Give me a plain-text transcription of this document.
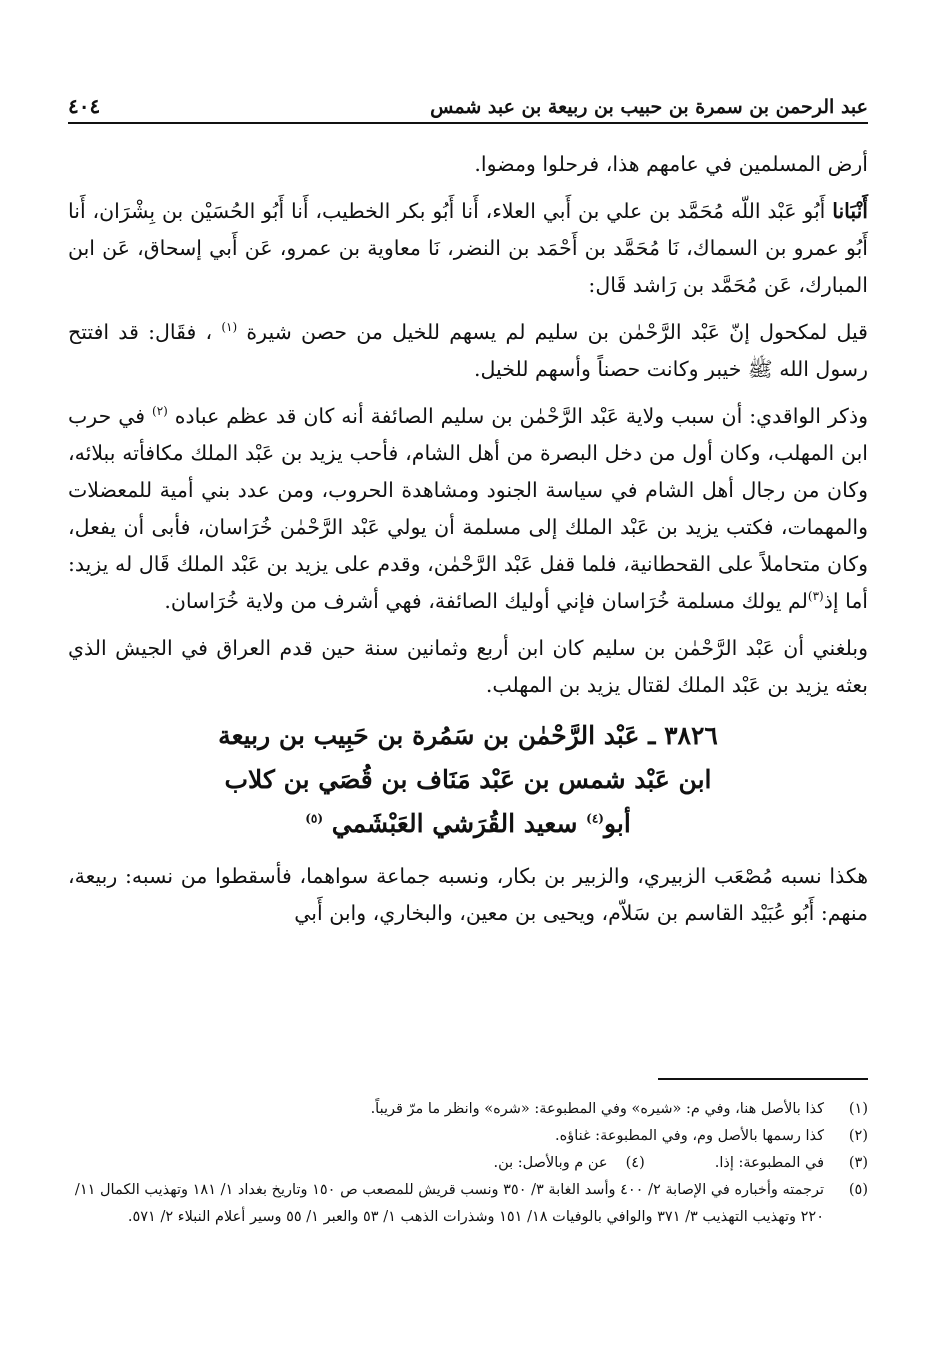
عبد الرحمن بن سمرة بن حبيب بن ربيعة بن عبد شمس
٤٠٤

أرض المسلمين في عامهم هذا، فرحلوا ومضوا.

أَنْبَانا أَبُو عَبْد اللّه مُحَمَّد بن علي بن أَبي العلاء، أَنا أَبُو بكر الخطيب، أَنا أَبُو الحُسَيْن بن بِشْرَان، أَنا أَبُو عمرو بن السماك، نَا مُحَمَّد بن أَحْمَد بن النضر، نَا معاوية بن عمرو، عَن أَبي إسحاق، عَن ابن المبارك، عَن مُحَمَّد بن رَاشد قَال:

قيل لمكحول إنّ عَبْد الرَّحْمٰن بن سليم لم يسهم للخيل من حصن شيرة $^{(١)}$ ، فقَال: قد افتتح رسول الله ﷺ خيبر وكانت حصناً وأسهم للخيل.

وذكر الواقدي: أن سبب ولاية عَبْد الرَّحْمٰن بن سليم الصائفة أنه كان قد عظم عباده $^{(٢)}$ في حرب ابن المهلب، وكان أول من دخل البصرة من أهل الشام، فأحب يزيد بن عَبْد الملك مكافأته ببلائه، وكان من رجال أهل الشام في سياسة الجنود ومشاهدة الحروب، ومن عدد بني أمية للمعضلات والمهمات، فكتب يزيد بن عَبْد الملك إلى مسلمة أن يولي عَبْد الرَّحْمٰن خُرَاسان، فأبى أن يفعل، وكان متحاملاً على القحطانية، فلما قفل عَبْد الرَّحْمٰن، وقدم على يزيد بن عَبْد الملك قَال له يزيد: أما إذ$^{(٣)}$لم يولك مسلمة خُرَاسان فإني أوليك الصائفة، فهي أشرف من ولاية خُرَاسان.

وبلغني أن عَبْد الرَّحْمٰن بن سليم كان ابن أربع وثمانين سنة حين قدم العراق في الجيش الذي بعثه يزيد بن عَبْد الملك لقتال يزيد بن المهلب.

٣٨٢٦ ـ عَبْد الرَّحْمٰن بن سَمُرة بن حَبِيب بن ربيعة
ابن عَبْد شمس بن عَبْد مَنَاف بن قُصَي بن كلاب
أبو$^{(٤)}$ سعيد القُرَشي العَبْشَمي $^{(٥)}$

هكذا نسبه مُصْعَب الزبيري، والزبير بن بكار، ونسبه جماعة سواهما، فأسقطوا من نسبه: ربيعة، منهم: أَبُو عُبَيْد القاسم بن سَلاّم، ويحيى بن معين، والبخاري، وابن أَبي

(١)
كذا بالأصل هنا، وفي م: «شيره» وفي المطبوعة: «شره» وانظر ما مرّ قريباً.
(٢)
كذا رسمها بالأصل وم، وفي المطبوعة: غناؤه.
(٣)
في المطبوعة: إذا.
(٤)
عن م وبالأصل: بن.
(٥)
ترجمته وأخباره في الإصابة ٢/ ٤٠٠ وأسد الغابة ٣/ ٣٥٠ ونسب قريش للمصعب ص ١٥٠ وتاريخ بغداد ١/ ١٨١ وتهذيب الكمال ١١/ ٢٢٠ وتهذيب التهذيب ٣/ ٣٧١ والوافي بالوفيات ١٨/ ١٥١ وشذرات الذهب ١/ ٥٣ والعبر ١/ ٥٥ وسير أعلام النبلاء ٢/ ٥٧١.
